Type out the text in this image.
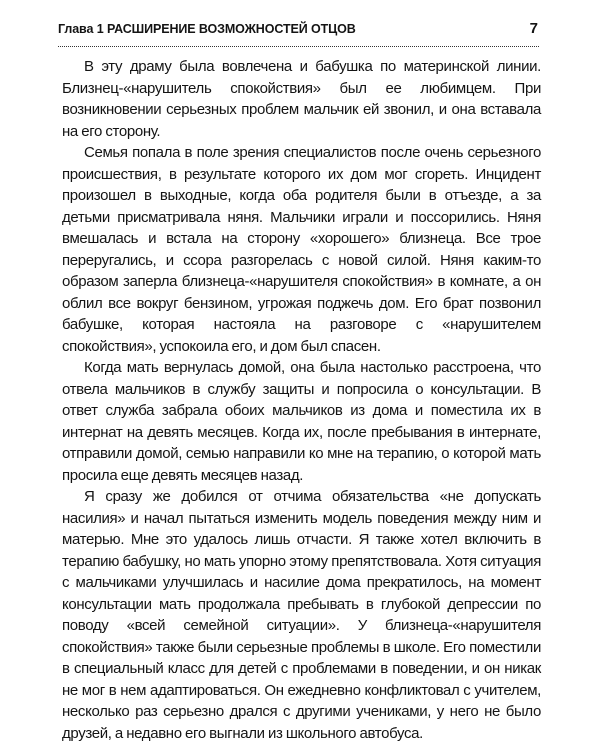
Глава 1 РАСШИРЕНИЕ ВОЗМОЖНОСТЕЙ ОТЦОВ	7

В эту драму была вовлечена и бабушка по материнской линии. Близнец-«нарушитель спокойствия» был ее любимцем. При возникновении серьезных проблем мальчик ей звонил, и она вставала на его сторону.

Семья попала в поле зрения специалистов после очень серьезного происшествия, в результате которого их дом мог сгореть. Инцидент произошел в выходные, когда оба родителя были в отъезде, а за детьми присматривала няня. Мальчики играли и поссорились. Няня вмешалась и встала на сторону «хорошего» близнеца. Все трое переругались, и ссора разгорелась с новой силой. Няня каким-то образом заперла близнеца-«нарушителя спокойствия» в комнате, а он облил все вокруг бензином, угрожая поджечь дом. Его брат позвонил бабушке, которая настояла на разговоре с «нарушителем спокойствия», успокоила его, и дом был спасен.

Когда мать вернулась домой, она была настолько расстроена, что отвела мальчиков в службу защиты и попросила о консультации. В ответ служба забрала обоих мальчиков из дома и поместила их в интернат на девять месяцев. Когда их, после пребывания в интернате, отправили домой, семью направили ко мне на терапию, о которой мать просила еще девять месяцев назад.

Я сразу же добился от отчима обязательства «не допускать насилия» и начал пытаться изменить модель поведения между ним и матерью. Мне это удалось лишь отчасти. Я также хотел включить в терапию бабушку, но мать упорно этому препятствовала. Хотя ситуация с мальчиками улучшилась и насилие дома прекратилось, на момент консультации мать продолжала пребывать в глубокой депрессии по поводу «всей семейной ситуации». У близнеца-«нарушителя спокойствия» также были серьезные проблемы в школе. Его поместили в специальный класс для детей с проблемами в поведении, и он никак не мог в нем адаптироваться. Он ежедневно конфликтовал с учителем, несколько раз серьезно дрался с другими учениками, у него не было друзей, а недавно его выгнали из школьного автобуса.
